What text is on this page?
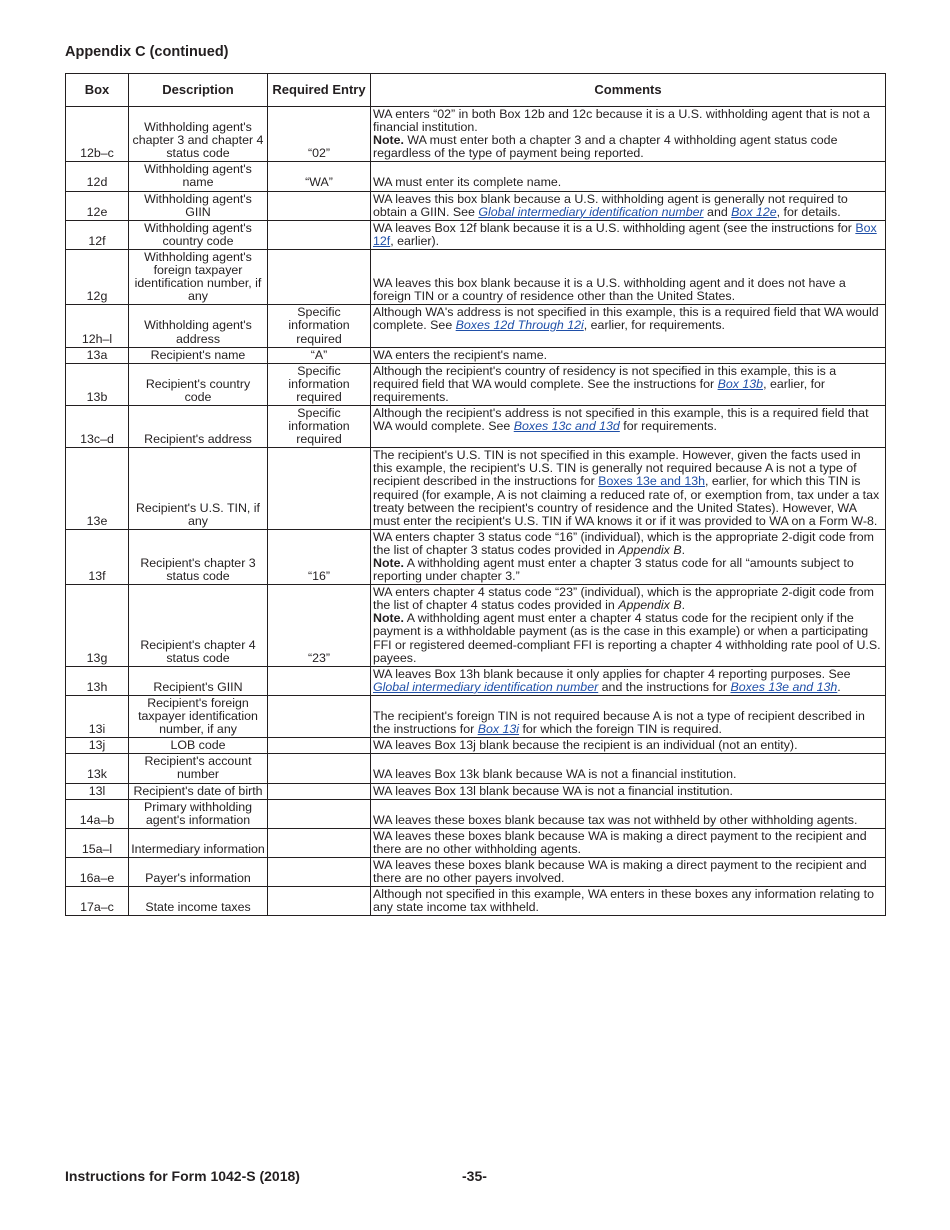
Appendix C (continued)
Box	Description	Required Entry	Comments
12b–c	Withholding agent's chapter 3 and chapter 4 status code	“02”	WA enters “02” in both Box 12b and 12c because it is a U.S. withholding agent that is not a financial institution.
Note. WA must enter both a chapter 3 and a chapter 4 withholding agent status code regardless of the type of payment being reported.
12d	Withholding agent's name	“WA”	WA must enter its complete name.
12e	Withholding agent's GIIN		WA leaves this box blank because a U.S. withholding agent is generally not required to obtain a GIIN. See Global intermediary identification number and Box 12e, for details.
12f	Withholding agent's country code		WA leaves Box 12f blank because it is a U.S. withholding agent (see the instructions for Box 12f, earlier).
12g	Withholding agent's foreign taxpayer identification number, if any		WA leaves this box blank because it is a U.S. withholding agent and it does not have a foreign TIN or a country of residence other than the United States.
12h–l	Withholding agent's address	Specific information required	Although WA's address is not specified in this example, this is a required field that WA would complete. See Boxes 12d Through 12i, earlier, for requirements.
13a	Recipient's name	“A”	WA enters the recipient's name.
13b	Recipient's country code	Specific information required	Although the recipient's country of residency is not specified in this example, this is a required field that WA would complete. See the instructions for Box 13b, earlier, for requirements.
13c–d	Recipient's address	Specific information required	Although the recipient's address is not specified in this example, this is a required field that WA would complete. See Boxes 13c and 13d for requirements.
13e	Recipient's U.S. TIN, if any		The recipient's U.S. TIN is not specified in this example. However, given the facts used in this example, the recipient's U.S. TIN is generally not required because A is not a type of recipient described in the instructions for Boxes 13e and 13h, earlier, for which this TIN is required (for example, A is not claiming a reduced rate of, or exemption from, tax under a tax treaty between the recipient's country of residence and the United States). However, WA must enter the recipient's U.S. TIN if WA knows it or if it was provided to WA on a Form W-8.
13f	Recipient's chapter 3 status code	“16”	WA enters chapter 3 status code “16” (individual), which is the appropriate 2-digit code from the list of chapter 3 status codes provided in Appendix B.
Note. A withholding agent must enter a chapter 3 status code for all “amounts subject to reporting under chapter 3.”
13g	Recipient's chapter 4 status code	“23”	WA enters chapter 4 status code “23” (individual), which is the appropriate 2-digit code from the list of chapter 4 status codes provided in Appendix B.
Note. A withholding agent must enter a chapter 4 status code for the recipient only if the payment is a withholdable payment (as is the case in this example) or when a participating FFI or registered deemed-compliant FFI is reporting a chapter 4 withholding rate pool of U.S. payees.
13h	Recipient's GIIN		WA leaves Box 13h blank because it only applies for chapter 4 reporting purposes. See Global intermediary identification number and the instructions for Boxes 13e and 13h.
13i	Recipient's foreign taxpayer identification number, if any		The recipient's foreign TIN is not required because A is not a type of recipient described in the instructions for Box 13i for which the foreign TIN is required.
13j	LOB code		WA leaves Box 13j blank because the recipient is an individual (not an entity).
13k	Recipient's account number		WA leaves Box 13k blank because WA is not a financial institution.
13l	Recipient's date of birth		WA leaves Box 13l blank because WA is not a financial institution.
14a–b	Primary withholding agent's information		WA leaves these boxes blank because tax was not withheld by other withholding agents.
15a–l	Intermediary information		WA leaves these boxes blank because WA is making a direct payment to the recipient and there are no other withholding agents.
16a–e	Payer's information		WA leaves these boxes blank because WA is making a direct payment to the recipient and there are no other payers involved.
17a–c	State income taxes		Although not specified in this example, WA enters in these boxes any information relating to any state income tax withheld.
Instructions for Form 1042-S (2018)	-35-
